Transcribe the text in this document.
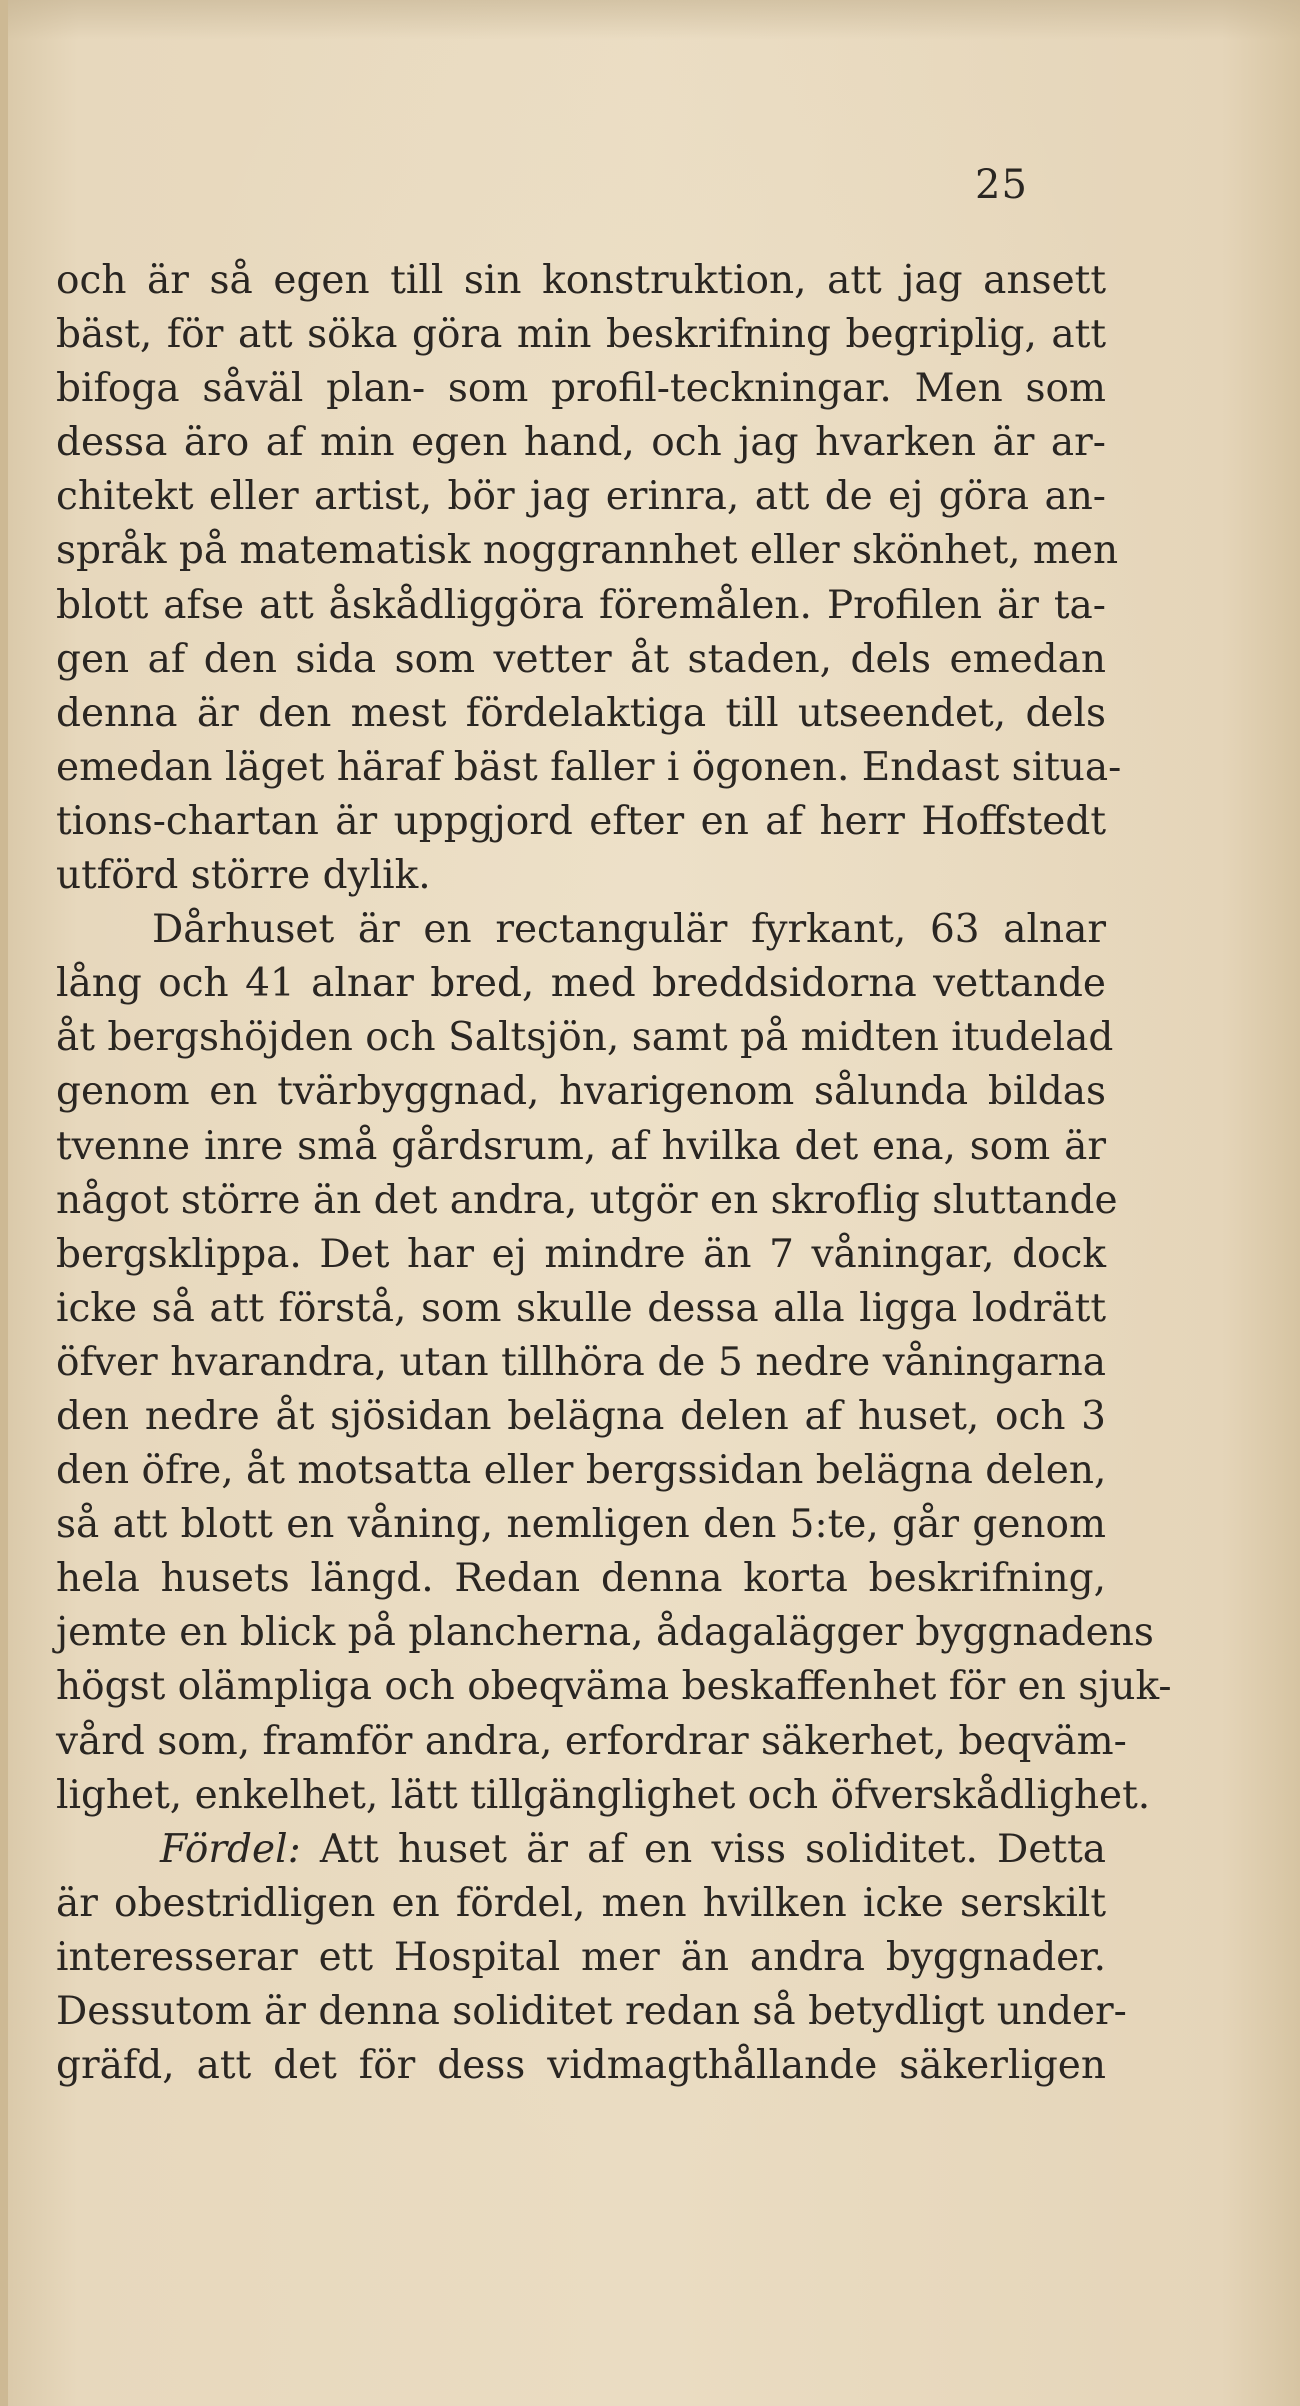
25
och är så egen till sin konstruktion, att jag ansett
bäst, för att söka göra min beskrifning begriplig, att
bifoga såväl plan- som profil-teckningar. Men som
dessa äro af min egen hand, och jag hvarken är ar-
chitekt eller artist, bör jag erinra, att de ej göra an-
språk på matematisk noggrannhet eller skönhet, men
blott afse att åskådliggöra föremålen. Profilen är ta-
gen af den sida som vetter åt staden, dels emedan
denna är den mest fördelaktiga till utseendet, dels
emedan läget häraf bäst faller i ögonen. Endast situa-
tions-chartan är uppgjord efter en af herr Hoffstedt
utförd större dylik.
Dårhuset är en rectangulär fyrkant, 63 alnar
lång och 41 alnar bred, med breddsidorna vettande
åt bergshöjden och Saltsjön, samt på midten itudelad
genom en tvärbyggnad, hvarigenom sålunda bildas
tvenne inre små gårdsrum, af hvilka det ena, som är
något större än det andra, utgör en skroflig sluttande
bergsklippa. Det har ej mindre än 7 våningar, dock
icke så att förstå, som skulle dessa alla ligga lodrätt
öfver hvarandra, utan tillhöra de 5 nedre våningarna
den nedre åt sjösidan belägna delen af huset, och 3
den öfre, åt motsatta eller bergssidan belägna delen,
så att blott en våning, nemligen den 5:te, går genom
hela husets längd. Redan denna korta beskrifning,
jemte en blick på plancherna, ådagalägger byggnadens
högst olämpliga och obeqväma beskaffenhet för en sjuk-
vård som, framför andra, erfordrar säkerhet, beqväm-
lighet, enkelhet, lätt tillgänglighet och öfverskådlighet.
Fördel: Att huset är af en viss soliditet. Detta
är obestridligen en fördel, men hvilken icke serskilt
interesserar ett Hospital mer än andra byggnader.
Dessutom är denna soliditet redan så betydligt under-
gräfd, att det för dess vidmagthållande säkerligen
